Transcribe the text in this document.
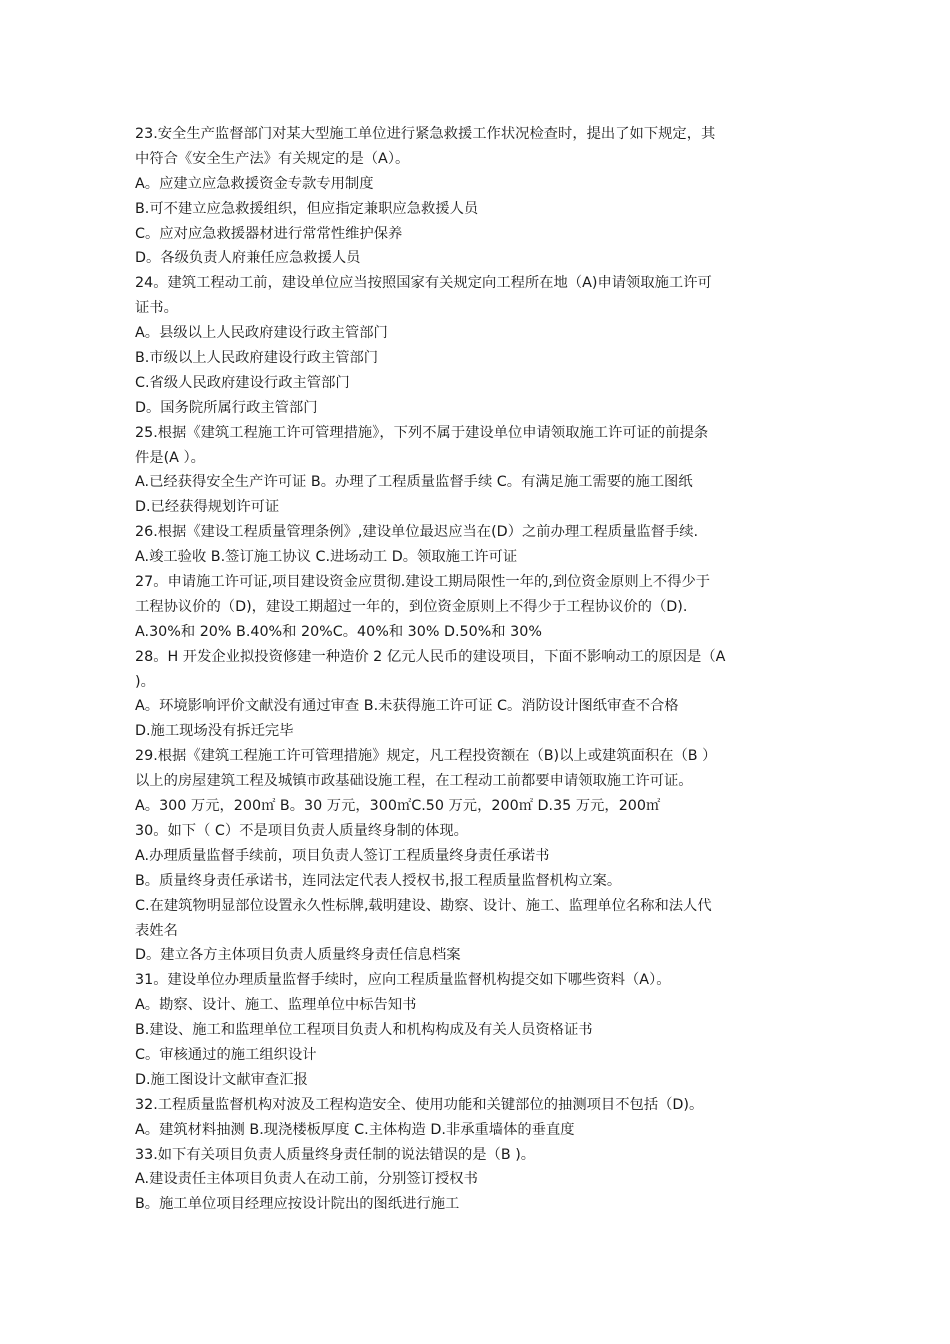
23.安全生产监督部门对某大型施工单位进行紧急救援工作状况检查时，提出了如下规定，其
中符合《安全生产法》有关规定的是（A）。
A。应建立应急救援资金专款专用制度
B.可不建立应急救援组织，但应指定兼职应急救援人员
C。应对应急救援器材进行常常性维护保养
D。各级负责人府兼任应急救援人员
24。建筑工程动工前，建设单位应当按照国家有关规定向工程所在地（A)申请领取施工许可
证书。
A。县级以上人民政府建设行政主管部门
B.市级以上人民政府建设行政主管部门
C.省级人民政府建设行政主管部门
D。国务院所属行政主管部门
25.根据《建筑工程施工许可管理措施》，下列不属于建设单位申请领取施工许可证的前提条
件是(A ）。
A.已经获得安全生产许可证 B。办理了工程质量监督手续 C。有满足施工需要的施工图纸
D.已经获得规划许可证
26.根据《建设工程质量管理条例》,建设单位最迟应当在(D）之前办理工程质量监督手续.
A.竣工验收 B.签订施工协议 C.进场动工 D。领取施工许可证
27。申请施工许可证,项目建设资金应贯彻.建设工期局限性一年的,到位资金原则上不得少于
工程协议价的（D)，建设工期超过一年的，到位资金原则上不得少于工程协议价的（D).
A.30%和 20% B.40%和 20%C。40%和 30% D.50%和 30%
28。H 开发企业拟投资修建一种造价 2 亿元人民币的建设项目，下面不影响动工的原因是（A
)。
A。环境影响评价文献没有通过审查 B.未获得施工许可证 C。消防设计图纸审查不合格
D.施工现场没有拆迁完毕
29.根据《建筑工程施工许可管理措施》规定，凡工程投资额在（B)以上或建筑面积在（B ）
以上的房屋建筑工程及城镇市政基础设施工程，在工程动工前都要申请领取施工许可证。
A。300 万元，200㎡ B。30 万元，300㎡C.50 万元，200㎡ D.35 万元，200㎡
30。如下（ C）不是项目负责人质量终身制的体现。
A.办理质量监督手续前，项目负责人签订工程质量终身责任承诺书
B。质量终身责任承诺书，连同法定代表人授权书,报工程质量监督机构立案。
C.在建筑物明显部位设置永久性标牌,载明建设、勘察、设计、施工、监理单位名称和法人代
表姓名
D。建立各方主体项目负责人质量终身责任信息档案
31。建设单位办理质量监督手续时，应向工程质量监督机构提交如下哪些资料（A）。
A。勘察、设计、施工、监理单位中标告知书
B.建设、施工和监理单位工程项目负责人和机构构成及有关人员资格证书
C。审核通过的施工组织设计
D.施工图设计文献审查汇报
32.工程质量监督机构对波及工程构造安全、使用功能和关键部位的抽测项目不包括（D)。
A。建筑材料抽测 B.现浇楼板厚度 C.主体构造 D.非承重墙体的垂直度
33.如下有关项目负责人质量终身责任制的说法错误的是（B )。
A.建设责任主体项目负责人在动工前，分别签订授权书
B。施工单位项目经理应按设计院出的图纸进行施工
